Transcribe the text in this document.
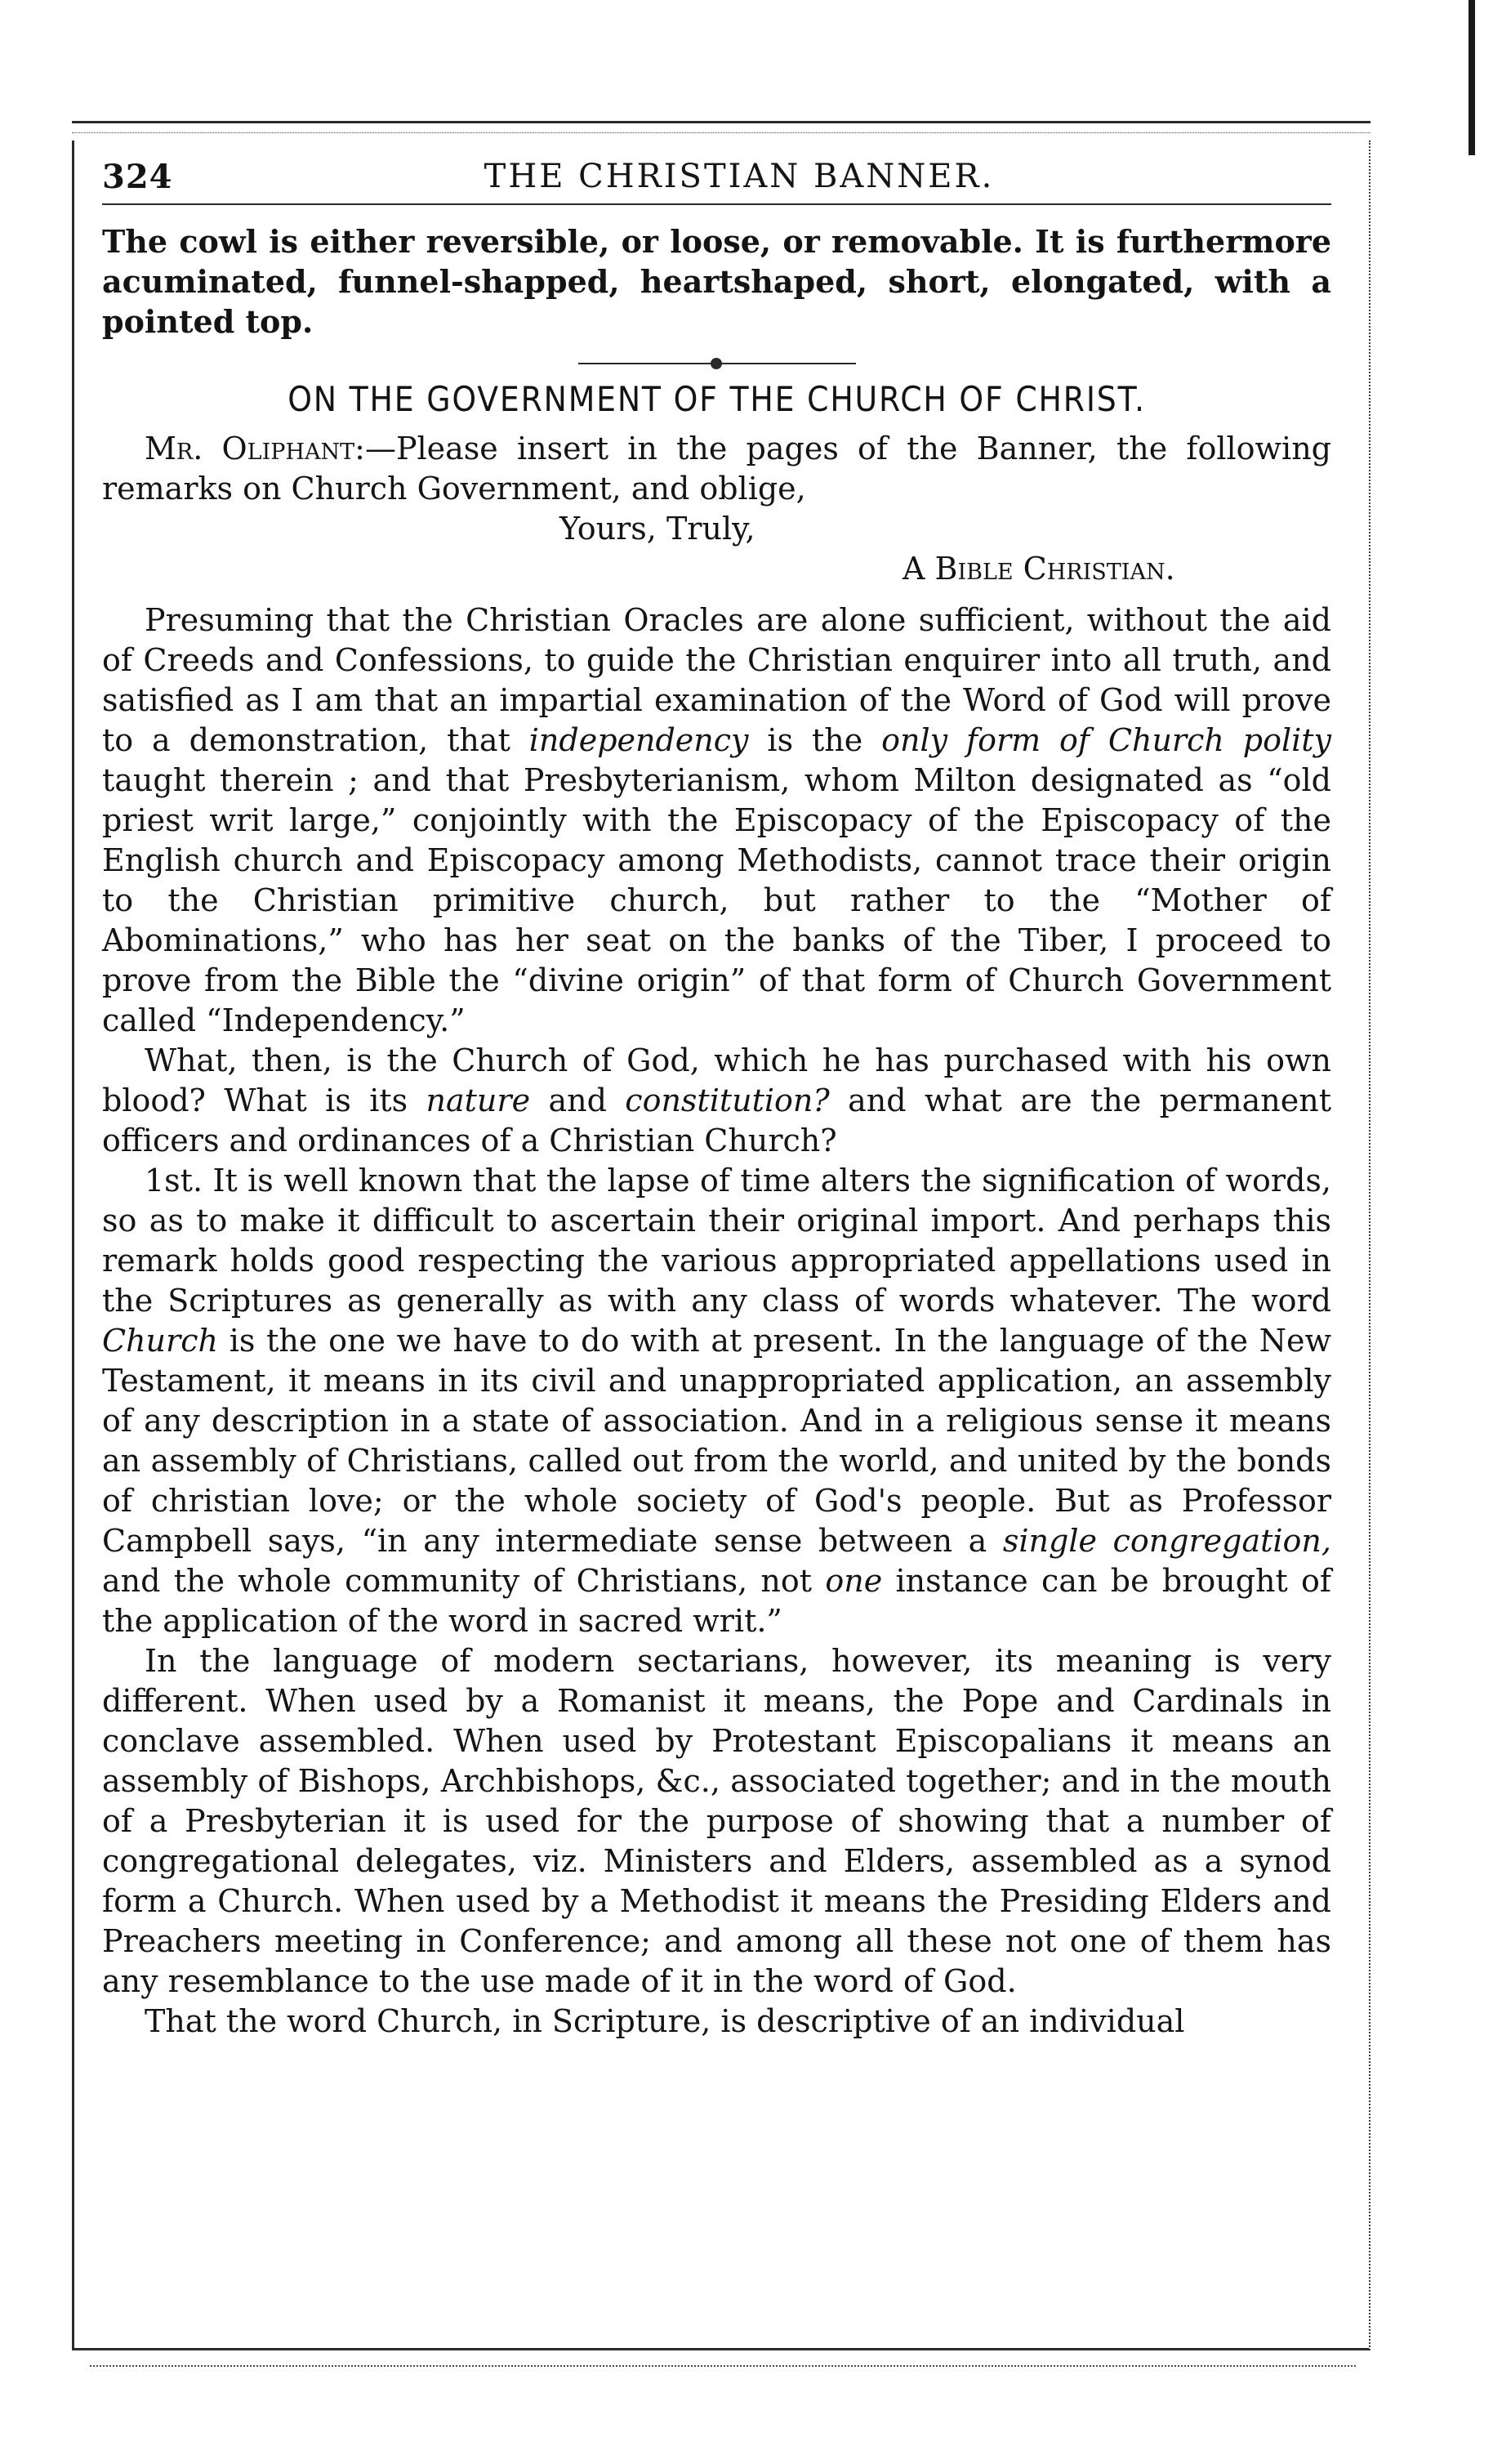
324	THE CHRISTIAN BANNER.

The cowl is either reversible, or loose, or removable. It is furthermore acuminated, funnel-shapped, heartshaped, short, elongated, with a pointed top.

ON THE GOVERNMENT OF THE CHURCH OF CHRIST.

Mr. Oliphant:—Please insert in the pages of the Banner, the following remarks on Church Government, and oblige,

Yours, Truly,

A Bible Christian.

Presuming that the Christian Oracles are alone sufficient, without the aid of Creeds and Confessions, to guide the Christian enquirer into all truth, and satisfied as I am that an impartial examination of the Word of God will prove to a demonstration, that independency is the only form of Church polity taught therein ; and that Presbyterianism, whom Milton designated as “old priest writ large,” conjointly with the Episcopacy of the Episcopacy of the English church and Episcopacy among Methodists, cannot trace their origin to the Christian primitive church, but rather to the “Mother of Abominations,” who has her seat on the banks of the Tiber, I proceed to prove from the Bible the “divine origin” of that form of Church Government called “Independency.”

What, then, is the Church of God, which he has purchased with his own blood? What is its nature and constitution? and what are the permanent officers and ordinances of a Christian Church?

1st. It is well known that the lapse of time alters the signification of words, so as to make it difficult to ascertain their original import. And perhaps this remark holds good respecting the various appropriated appellations used in the Scriptures as generally as with any class of words whatever. The word Church is the one we have to do with at present. In the language of the New Testament, it means in its civil and unappropriated application, an assembly of any description in a state of association. And in a religious sense it means an assembly of Christians, called out from the world, and united by the bonds of christian love; or the whole society of God's people. But as Professor Campbell says, “in any intermediate sense between a single congregation, and the whole community of Christians, not one instance can be brought of the application of the word in sacred writ.”

In the language of modern sectarians, however, its meaning is very different. When used by a Romanist it means, the Pope and Cardinals in conclave assembled. When used by Protestant Episcopalians it means an assembly of Bishops, Archbishops, &c., associated together; and in the mouth of a Presbyterian it is used for the purpose of showing that a number of congregational delegates, viz. Ministers and Elders, assembled as a synod form a Church. When used by a Methodist it means the Presiding Elders and Preachers meeting in Conference; and among all these not one of them has any resemblance to the use made of it in the word of God.

That the word Church, in Scripture, is descriptive of an individual
